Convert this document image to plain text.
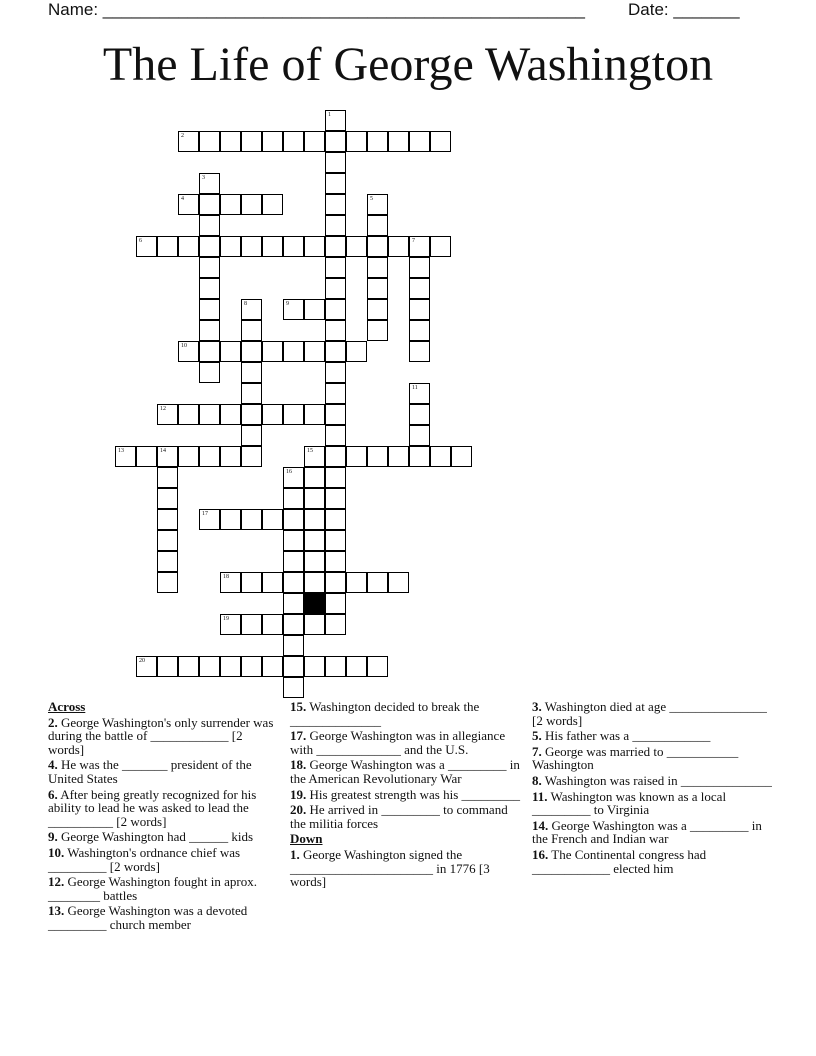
Name: ___________________________________________________	Date: _______
The Life of George Washington
1
2
3
4	5
6	7
8	9
10
11
12
13	14	15
16
17
18
19
20
Across
2. George Washington's only surrender was during the battle of ____________ [2 words]
4. He was the _______ president of the United States
6. After being greatly recognized for his ability to lead he was asked to lead the __________ [2 words]
9. George Washington had ______ kids
10. Washington's ordnance chief was _________ [2 words]
12. George Washington fought in aprox. ________ battles
13. George Washington was a devoted _________ church member
15. Washington decided to break the ______________
17. George Washington was in allegiance with _____________ and the U.S.
18. George Washington was a _________ in the American Revolutionary War
19. His greatest strength was his _________
20. He arrived in _________ to command the militia forces
Down
1. George Washington signed the ______________________ in 1776 [3 words]
3. Washington died at age _______________ [2 words]
5. His father was a ____________
7. George was married to ___________ Washington
8. Washington was raised in ______________
11. Washington was known as a local _________ to Virginia
14. George Washington was a _________ in the French and Indian war
16. The Continental congress had ____________ elected him
